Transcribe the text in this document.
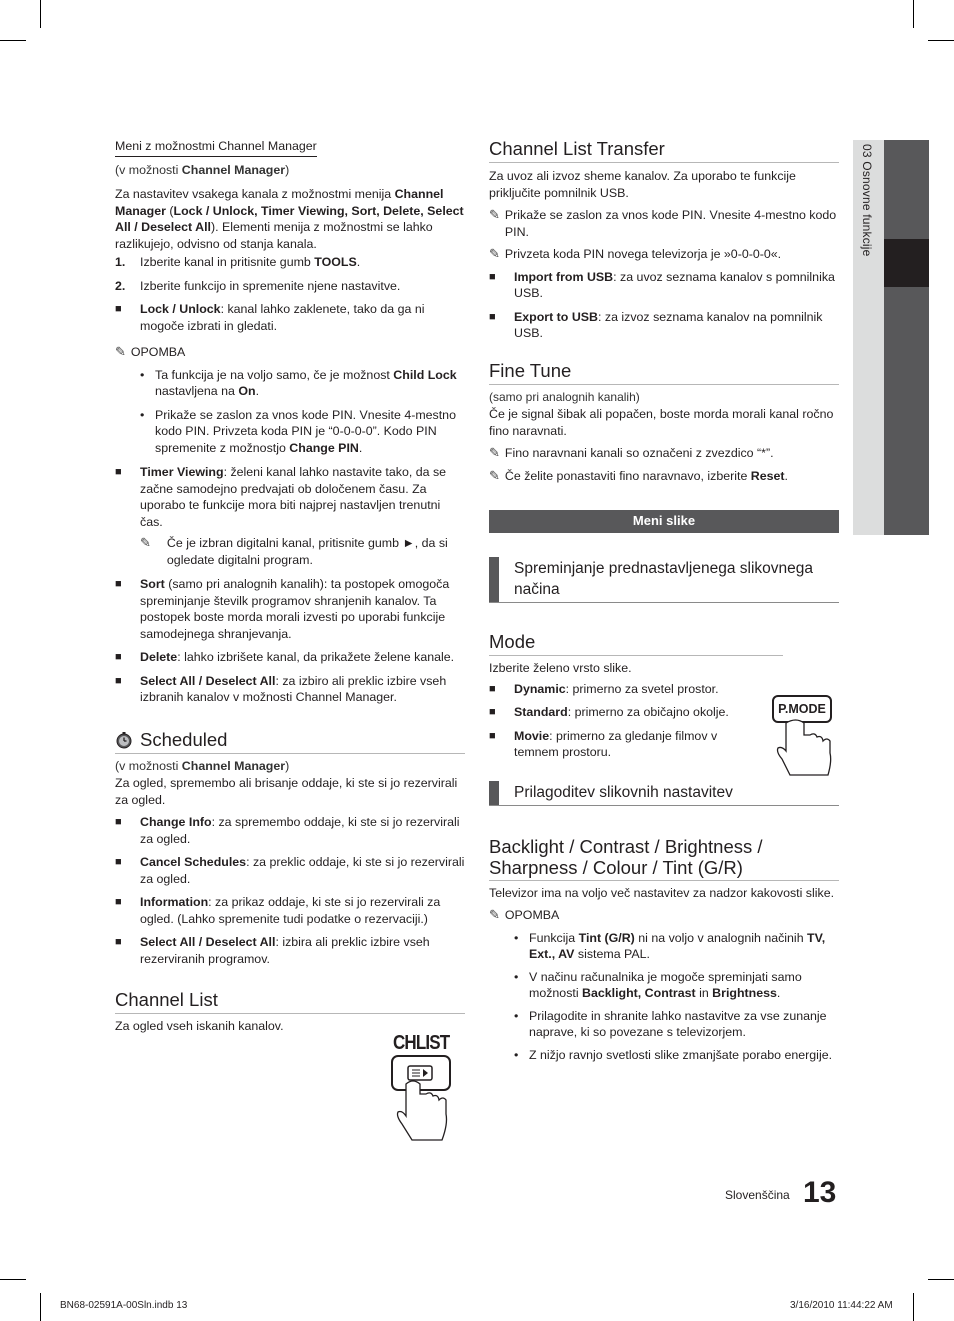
03 Osnovne funkcije
Meni z možnostmi Channel Manager
(v možnosti Channel Manager)
Za nastavitev vsakega kanala z možnostmi menija Channel Manager (Lock / Unlock, Timer Viewing, Sort, Delete, Select All / Deselect All). Elementi menija z možnostmi se lahko razlikujejo, odvisno od stanja kanala.
1.	Izberite kanal in pritisnite gumb TOOLS.
2.	Izberite funkcijo in spremenite njene nastavitve.
■	Lock / Unlock: kanal lahko zaklenete, tako da ga ni mogoče izbrati in gledati.
✎ OPOMBA
• Ta funkcija je na voljo samo, če je možnost Child Lock nastavljena na On.
• Prikaže se zaslon za vnos kode PIN. Vnesite 4-mestno kodo PIN. Privzeta koda PIN je “0-0-0-0”. Kodo PIN spremenite z možnostjo Change PIN.
■	Timer Viewing: želeni kanal lahko nastavite tako, da se začne samodejno predvajati ob določenem času. Za uporabo te funkcije mora biti najprej nastavljen trenutni čas.
✎ Če je izbran digitalni kanal, pritisnite gumb ►, da si ogledate digitalni program.
■	Sort (samo pri analognih kanalih): ta postopek omogoča spreminjanje številk programov shranjenih kanalov. Ta postopek boste morda morali izvesti po uporabi funkcije samodejnega shranjevanja.
■	Delete: lahko izbrišete kanal, da prikažete želene kanale.
■	Select All / Deselect All: za izbiro ali preklic izbire vseh izbranih kanalov v možnosti Channel Manager.
Scheduled
(v možnosti Channel Manager)
Za ogled, spremembo ali brisanje oddaje, ki ste si jo rezervirali za ogled.
■	Change Info: za spremembo oddaje, ki ste si jo rezervirali za ogled.
■	Cancel Schedules: za preklic oddaje, ki ste si jo rezervirali za ogled.
■	Information: za prikaz oddaje, ki ste si jo rezervirali za ogled. (Lahko spremenite tudi podatke o rezervaciji.)
■	Select All / Deselect All: izbira ali preklic izbire vseh rezerviranih programov.
Channel List
Za ogled vseh iskanih kanalov.
CHLIST
Channel List Transfer
Za uvoz ali izvoz sheme kanalov. Za uporabo te funkcije priključite pomnilnik USB.
✎ Prikaže se zaslon za vnos kode PIN. Vnesite 4-mestno kodo PIN.
✎ Privzeta koda PIN novega televizorja je »0-0-0-0«.
■	Import from USB: za uvoz seznama kanalov s pomnilnika USB.
■	Export to USB: za izvoz seznama kanalov na pomnilnik USB.
Fine Tune
(samo pri analognih kanalih)
Če je signal šibak ali popačen, boste morda morali kanal ročno fino naravnati.
✎ Fino naravnani kanali so označeni z zvezdico “*”.
✎ Če želite ponastaviti fino naravnavo, izberite Reset.
Meni slike
Spreminjanje prednastavljenega slikovnega načina
Mode
Izberite želeno vrsto slike.
■	Dynamic: primerno za svetel prostor.
■	Standard: primerno za običajno okolje.
■	Movie: primerno za gledanje filmov v temnem prostoru.
Prilagoditev slikovnih nastavitev
Backlight / Contrast / Brightness / Sharpness / Colour / Tint (G/R)
Televizor ima na voljo več nastavitev za nadzor kakovosti slike.
✎ OPOMBA
• Funkcija Tint (G/R) ni na voljo v analognih načinih TV, Ext., AV sistema PAL.
• V načinu računalnika je mogoče spreminjati samo možnosti Backlight, Contrast in Brightness.
• Prilagodite in shranite lahko nastavitve za vse zunanje naprave, ki so povezane s televizorjem.
• Z nižjo ravnjo svetlosti slike zmanjšate porabo energije.
P.MODE
Slovenščina 13
BN68-02591A-00Sln.indb 13	3/16/2010 11:44:22 AM
